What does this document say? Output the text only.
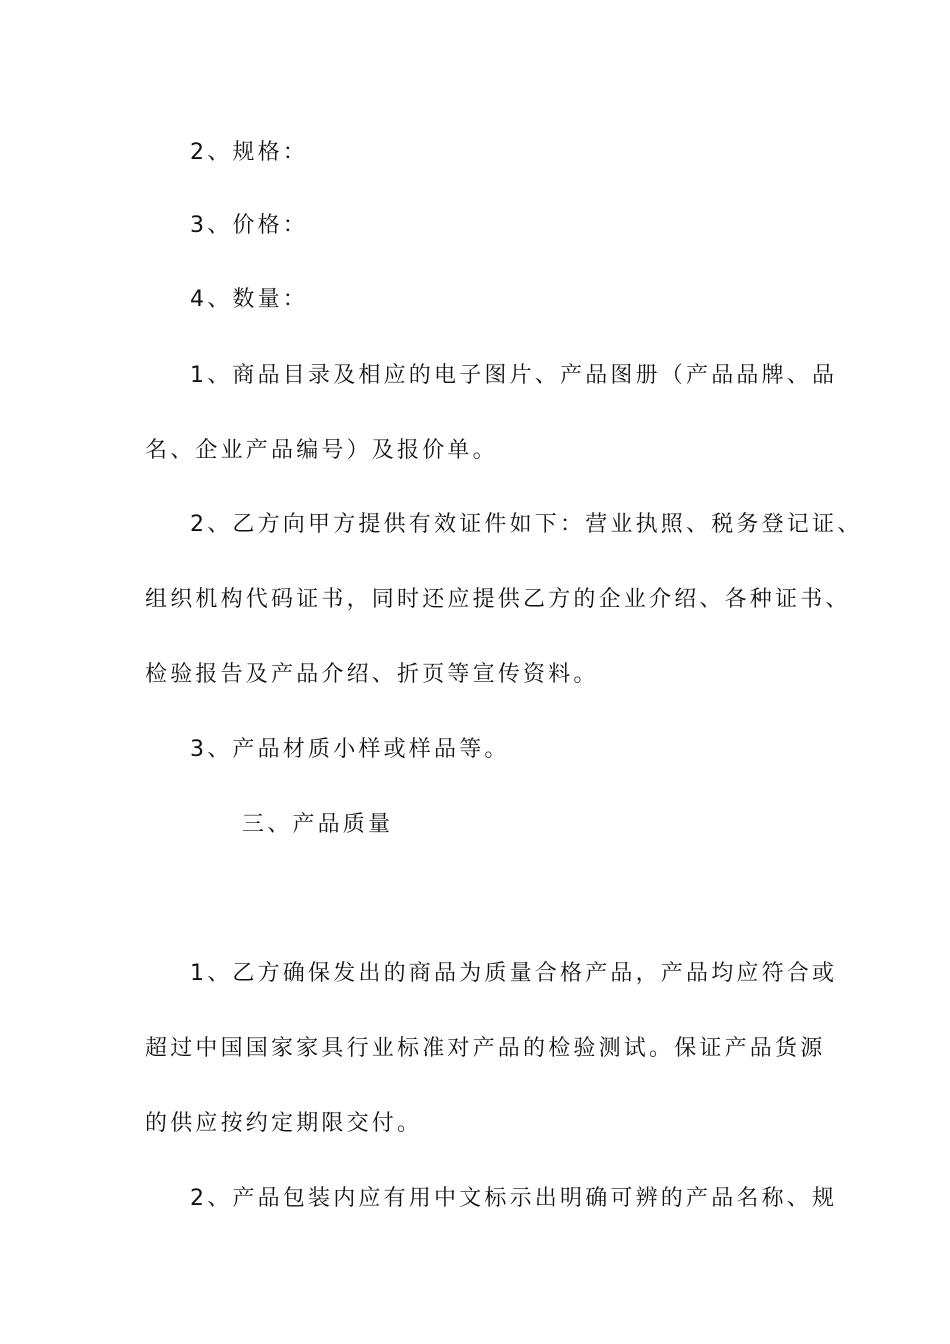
2、规格：
3、价格：
4、数量：
1、商品目录及相应的电子图片、产品图册（产品品牌、品
名、企业产品编号）及报价单。
2、乙方向甲方提供有效证件如下：营业执照、税务登记证、
组织机构代码证书，同时还应提供乙方的企业介绍、各种证书、
检验报告及产品介绍、折页等宣传资料。
3、产品材质小样或样品等。
三、产品质量
1、乙方确保发出的商品为质量合格产品，产品均应符合或
超过中国国家家具行业标准对产品的检验测试。保证产品货源
的供应按约定期限交付。
2、产品包装内应有用中文标示出明确可辨的产品名称、规
